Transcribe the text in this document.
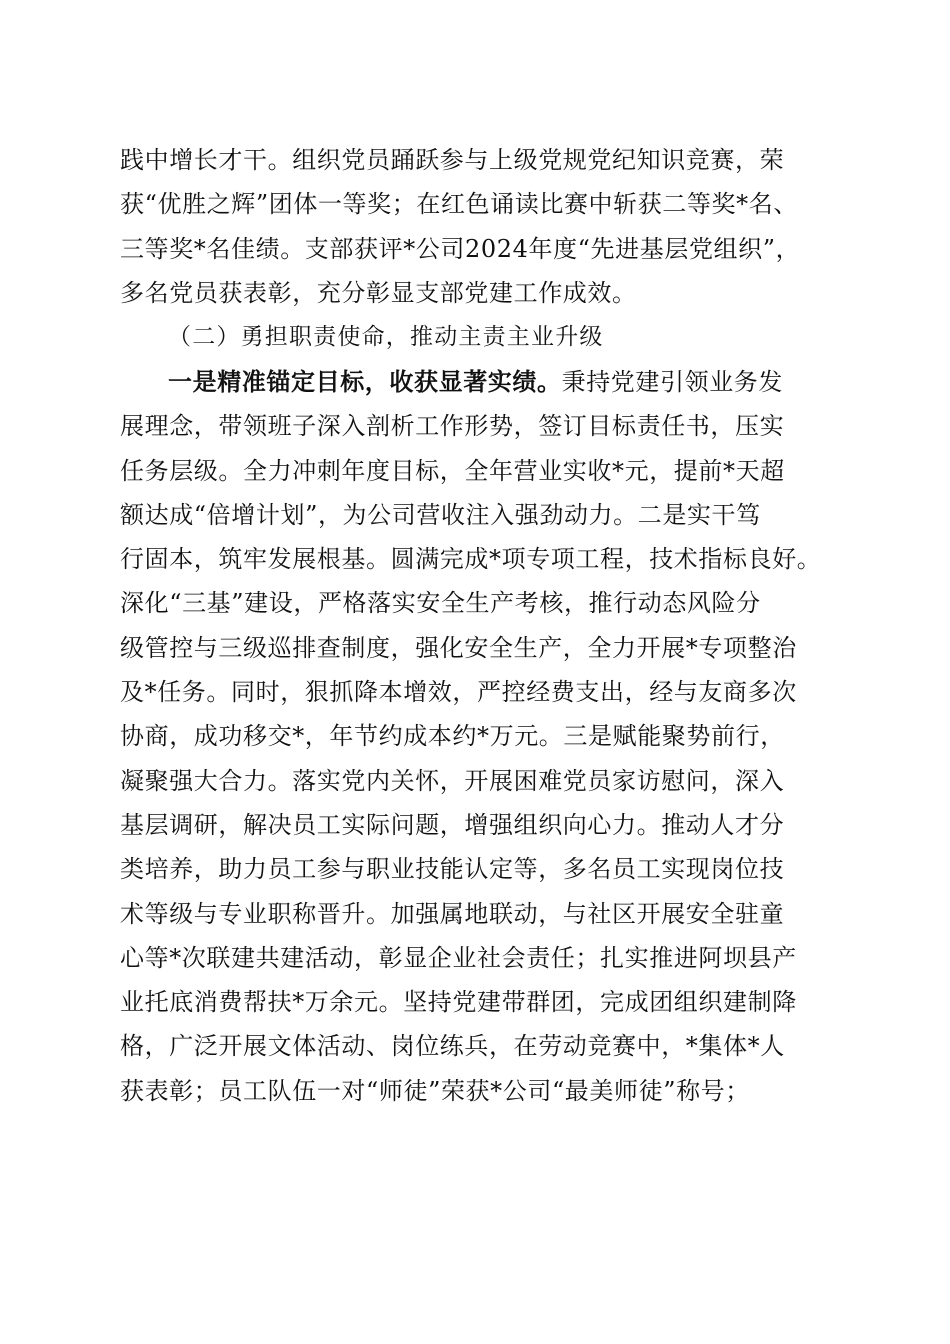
践中增长才干。组织党员踊跃参与上级党规党纪知识竞赛，荣
获“优胜之辉”团体一等奖；在红色诵读比赛中斩获二等奖*名、
三等奖*名佳绩。支部获评*公司2024年度“先进基层党组织”，
多名党员获表彰，充分彰显支部党建工作成效。
（二）勇担职责使命，推动主责主业升级
一是精准锚定目标，收获显著实绩。秉持党建引领业务发
展理念，带领班子深入剖析工作形势，签订目标责任书，压实
任务层级。全力冲刺年度目标，全年营业实收*元，提前*天超
额达成“倍增计划”，为公司营收注入强劲动力。二是实干笃
行固本，筑牢发展根基。圆满完成*项专项工程，技术指标良好。
深化“三基”建设，严格落实安全生产考核，推行动态风险分
级管控与三级巡排查制度，强化安全生产，全力开展*专项整治
及*任务。同时，狠抓降本增效，严控经费支出，经与友商多次
协商，成功移交*，年节约成本约*万元。三是赋能聚势前行，
凝聚强大合力。落实党内关怀，开展困难党员家访慰问，深入
基层调研，解决员工实际问题，增强组织向心力。推动人才分
类培养，助力员工参与职业技能认定等，多名员工实现岗位技
术等级与专业职称晋升。加强属地联动，与社区开展安全驻童
心等*次联建共建活动，彰显企业社会责任；扎实推进阿坝县产
业托底消费帮扶*万余元。坚持党建带群团，完成团组织建制降
格，广泛开展文体活动、岗位练兵，在劳动竞赛中，*集体*人
获表彰；员工队伍一对“师徒”荣获*公司“最美师徒”称号；
